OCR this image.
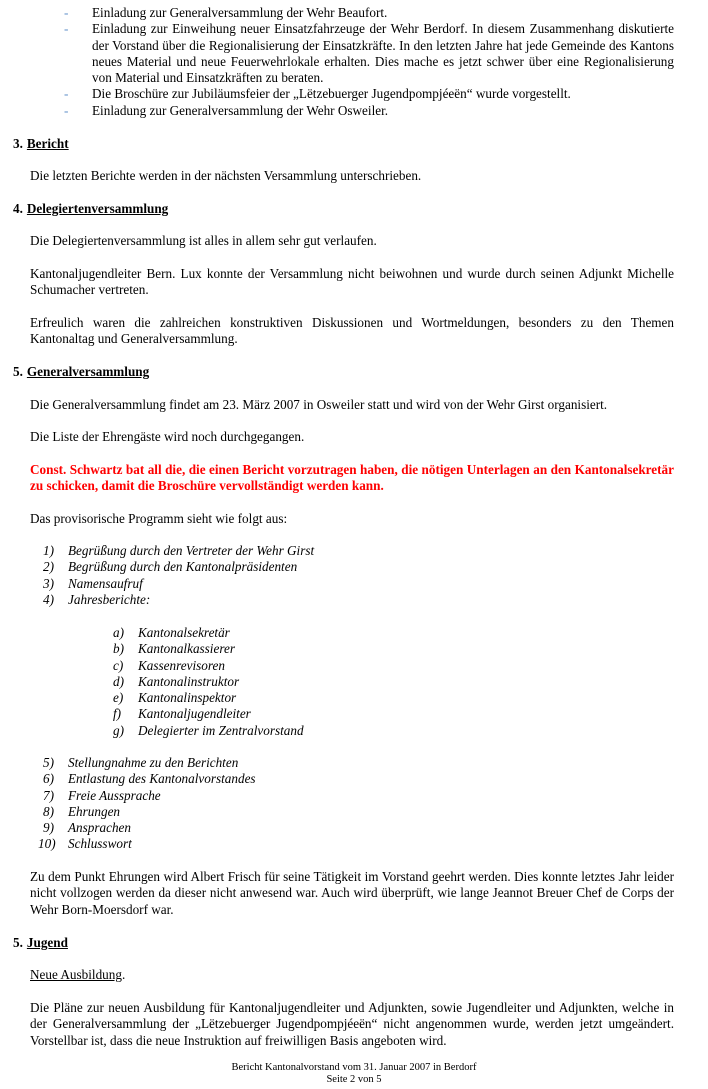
- Einladung zur Generalversammlung der Wehr Beaufort.
- Einladung zur Einweihung neuer Einsatzfahrzeuge der Wehr Berdorf. In diesem Zusammenhang diskutierte der Vorstand über die Regionalisierung der Einsatzkräfte. In den letzten Jahre hat jede Gemeinde des Kantons neues Material und neue Feuerwehrlokale erhalten. Dies mache es jetzt schwer über eine Regionalisierung von Material und Einsatzkräften zu beraten.
- Die Broschüre zur Jubiläumsfeier der „Lëtzebuerger Jugendpompjéeën“ wurde vorgestellt.
- Einladung zur Generalversammlung der Wehr Osweiler.
3. Bericht
Die letzten Berichte werden in der nächsten Versammlung unterschrieben.
4. Delegiertenversammlung
Die Delegiertenversammlung ist alles in allem sehr gut verlaufen.
Kantonaljugendleiter Bern. Lux konnte der Versammlung nicht beiwohnen und wurde durch seinen Adjunkt Michelle Schumacher vertreten.
Erfreulich waren die zahlreichen konstruktiven Diskussionen und Wortmeldungen, besonders zu den Themen Kantonaltag und Generalversammlung.
5. Generalversammlung
Die Generalversammlung findet am 23. März 2007 in Osweiler statt und wird von der Wehr Girst organisiert.
Die Liste der Ehrengäste wird noch durchgegangen.
Const. Schwartz bat all die, die einen Bericht vorzutragen haben, die nötigen Unterlagen an den Kantonalsekretär zu schicken, damit die Broschüre vervollständigt werden kann.
Das provisorische Programm sieht wie folgt aus:
1) Begrüßung durch den Vertreter der Wehr Girst
2) Begrüßung durch den Kantonalpräsidenten
3) Namensaufruf
4) Jahresberichte:
a) Kantonalsekretär
b) Kantonalkassierer
c) Kassenrevisoren
d) Kantonalinstruktor
e) Kantonalinspektor
f) Kantonaljugendleiter
g) Delegierter im Zentralvorstand
5) Stellungnahme zu den Berichten
6) Entlastung des Kantonalvorstandes
7) Freie Aussprache
8) Ehrungen
9) Ansprachen
10) Schlusswort
Zu dem Punkt Ehrungen wird Albert Frisch für seine Tätigkeit im Vorstand geehrt werden. Dies konnte letztes Jahr leider nicht vollzogen werden da dieser nicht anwesend war. Auch wird überprüft, wie lange Jeannot Breuer Chef de Corps der Wehr Born-Moersdorf war.
5. Jugend
Neue Ausbildung.
Die Pläne zur neuen Ausbildung für Kantonaljugendleiter und Adjunkten, sowie Jugendleiter und Adjunkten, welche in der Generalversammlung der „Lëtzebuerger Jugendpompjéeën“ nicht angenommen wurde, werden jetzt umgeändert. Vorstellbar ist, dass die neue Instruktion auf freiwilligen Basis angeboten wird.
Bericht Kantonalvorstand vom 31. Januar 2007 in Berdorf
Seite 2 von 5
